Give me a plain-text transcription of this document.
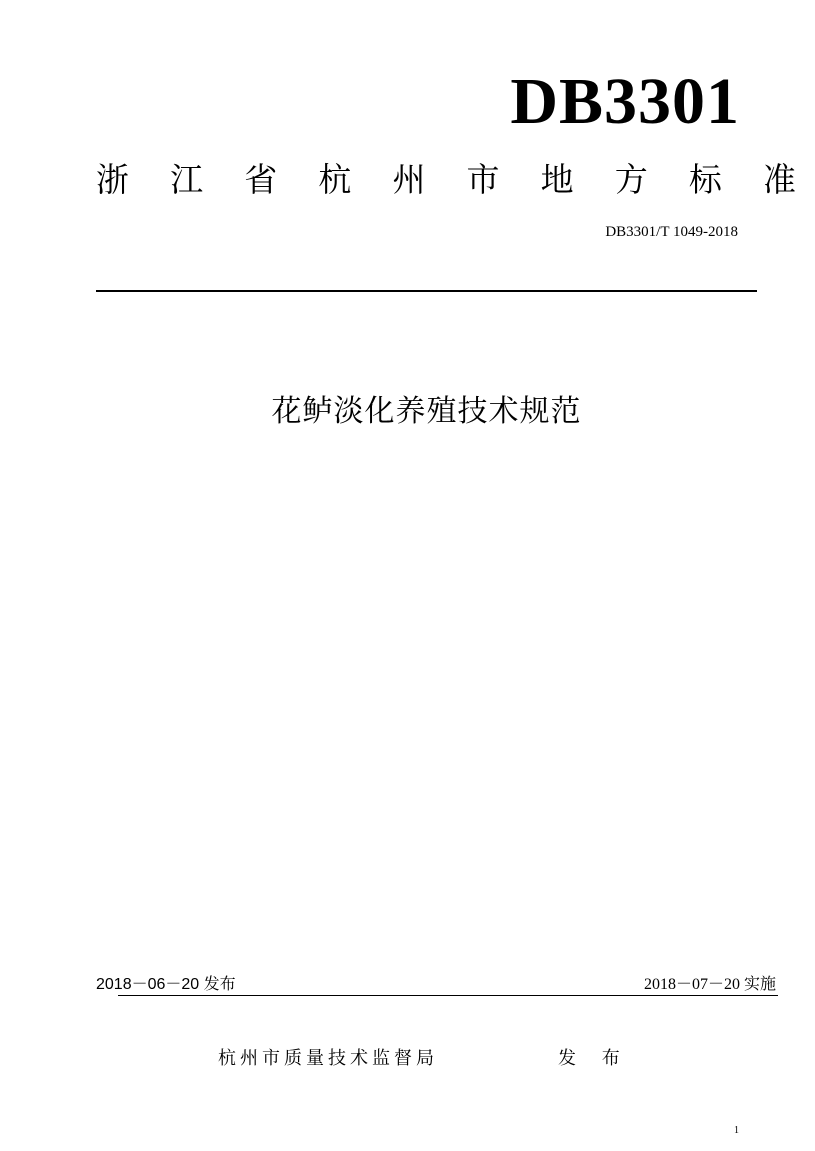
DB3301
浙 江 省 杭 州 市 地 方 标 准
DB3301/T 1049-2018
花鲈淡化养殖技术规范
2018－06－20 发布	2018－07－20 实施
杭州市质量技术监督局	发 布
1
